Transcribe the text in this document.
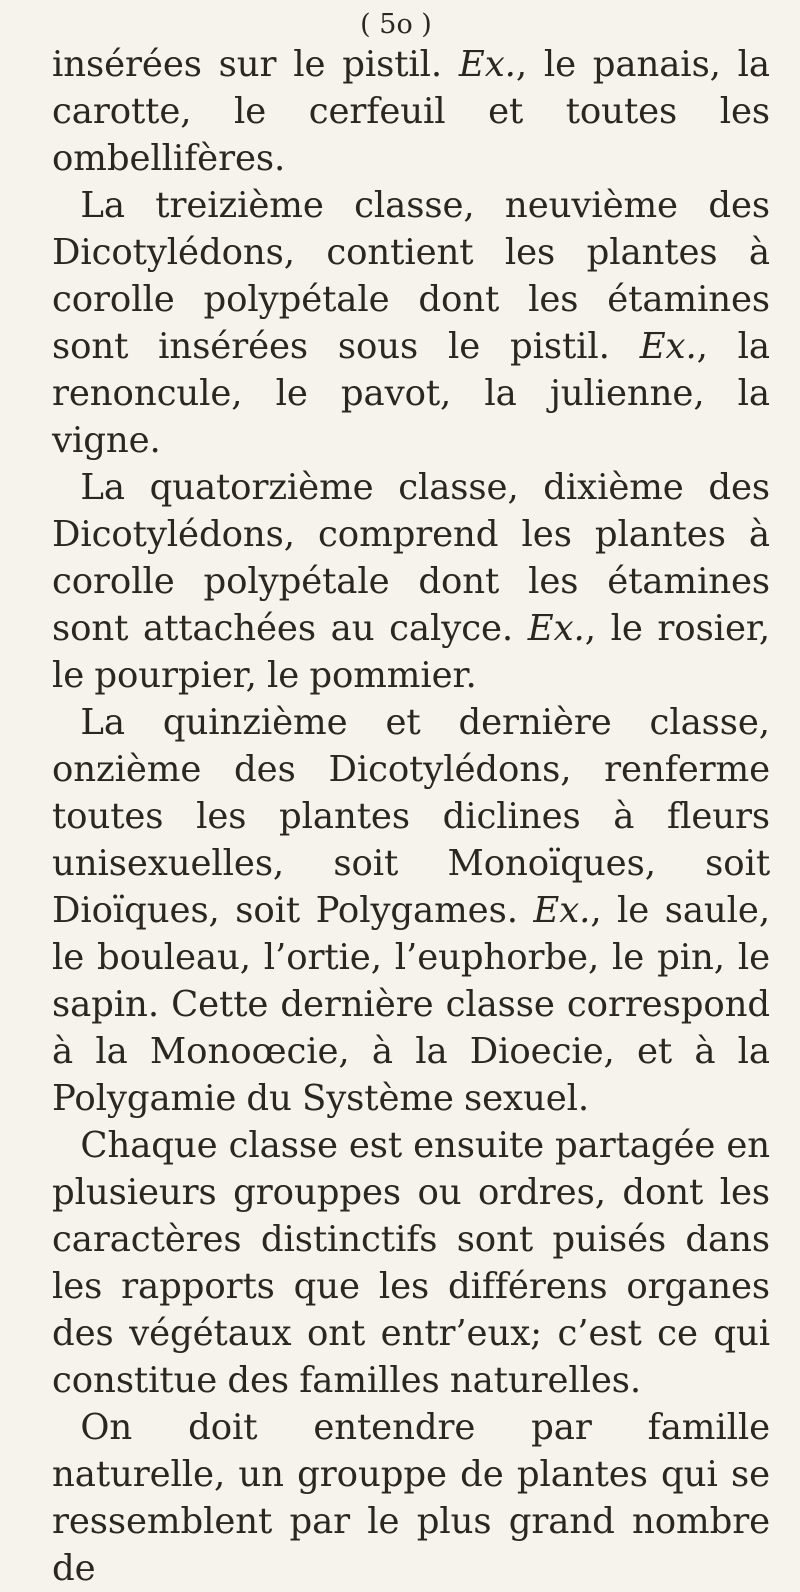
( 5o )

insérées sur le pistil. Ex., le panais, la carotte, le cerfeuil et toutes les ombellifères.

La treizième classe, neuvième des Dicotylédons, contient les plantes à corolle polypétale dont les étamines sont insérées sous le pistil. Ex., la renoncule, le pavot, la julienne, la vigne.

La quatorzième classe, dixième des Dicotylédons, comprend les plantes à corolle polypétale dont les étamines sont attachées au calyce. Ex., le rosier, le pourpier, le pommier.

La quinzième et dernière classe, onzième des Dicotylédons, renferme toutes les plantes diclines à fleurs unisexuelles, soit Monoïques, soit Dioïques, soit Polygames. Ex., le saule, le bouleau, l’ortie, l’euphorbe, le pin, le sapin. Cette dernière classe correspond à la Monoœcie, à la Dioecie, et à la Polygamie du Système sexuel.

Chaque classe est ensuite partagée en plusieurs grouppes ou ordres, dont les caractères distinctifs sont puisés dans les rapports que les différens organes des végétaux ont entr’eux; c’est ce qui constitue des familles naturelles.

On doit entendre par famille naturelle, un grouppe de plantes qui se ressemblent par le plus grand nombre de
